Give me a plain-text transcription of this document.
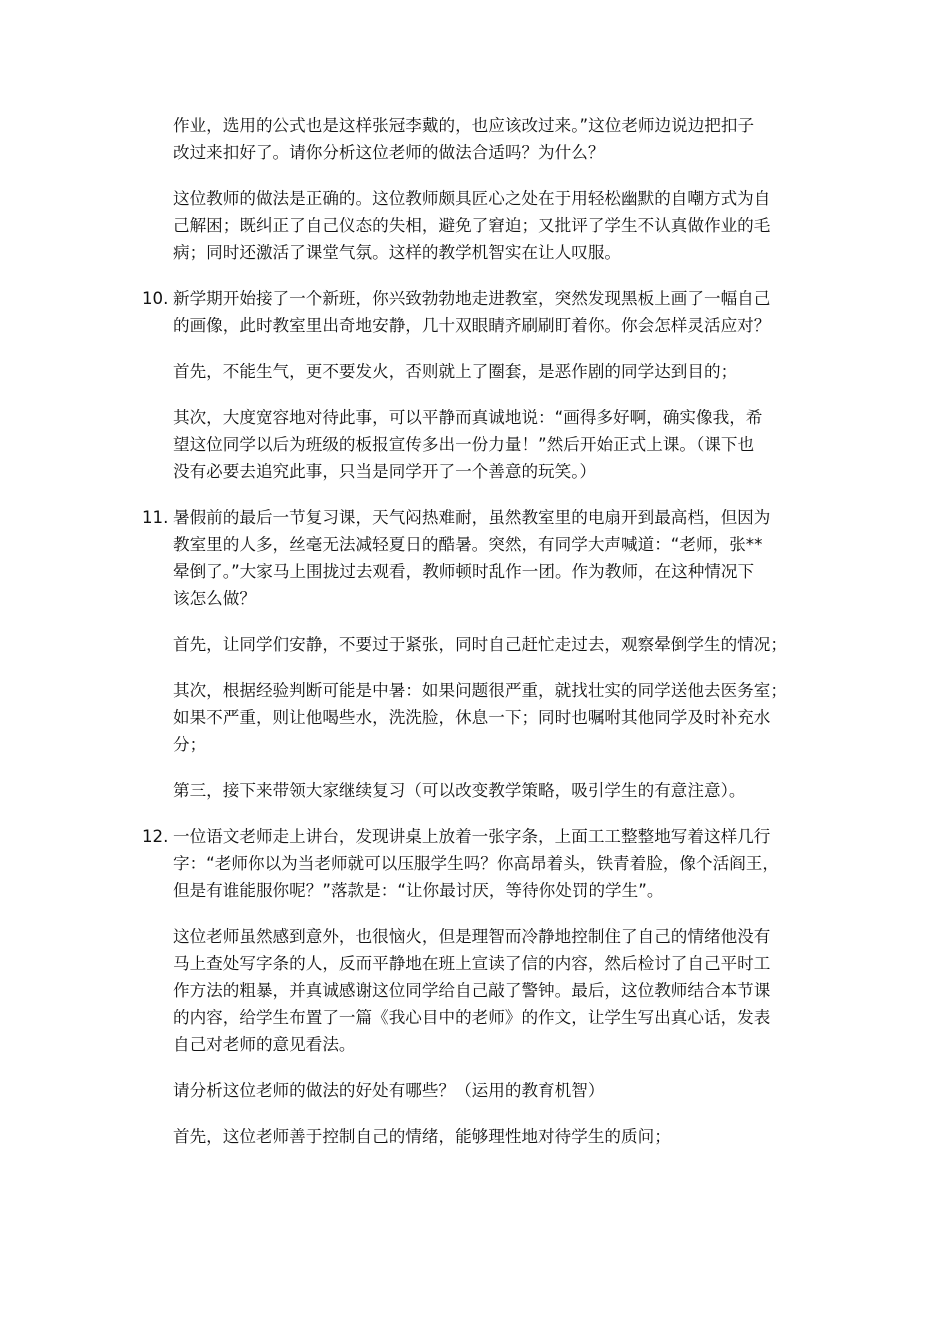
作业，选用的公式也是这样张冠李戴的，也应该改过来。”这位老师边说边把扣子
改过来扣好了。请你分析这位老师的做法合适吗？为什么？

这位教师的做法是正确的。这位教师颇具匠心之处在于用轻松幽默的自嘲方式为自
己解困；既纠正了自己仪态的失相，避免了窘迫；又批评了学生不认真做作业的毛
病；同时还激活了课堂气氛。这样的教学机智实在让人叹服。

10. 新学期开始接了一个新班，你兴致勃勃地走进教室，突然发现黑板上画了一幅自己
的画像，此时教室里出奇地安静，几十双眼睛齐刷刷盯着你。你会怎样灵活应对？

首先，不能生气，更不要发火，否则就上了圈套，是恶作剧的同学达到目的；

其次，大度宽容地对待此事，可以平静而真诚地说：“画得多好啊，确实像我，希
望这位同学以后为班级的板报宣传多出一份力量！”然后开始正式上课。（课下也
没有必要去追究此事，只当是同学开了一个善意的玩笑。）

11. 暑假前的最后一节复习课，天气闷热难耐，虽然教室里的电扇开到最高档，但因为
教室里的人多，丝毫无法减轻夏日的酷暑。突然，有同学大声喊道：“老师，张**
晕倒了。”大家马上围拢过去观看，教师顿时乱作一团。作为教师，在这种情况下
该怎么做？

首先，让同学们安静，不要过于紧张，同时自己赶忙走过去，观察晕倒学生的情况；

其次，根据经验判断可能是中暑：如果问题很严重，就找壮实的同学送他去医务室；
如果不严重，则让他喝些水，洗洗脸，休息一下；同时也嘱咐其他同学及时补充水
分；

第三，接下来带领大家继续复习（可以改变教学策略，吸引学生的有意注意）。

12. 一位语文老师走上讲台，发现讲桌上放着一张字条，上面工工整整地写着这样几行
字：“老师你以为当老师就可以压服学生吗？你高昂着头，铁青着脸，像个活阎王，
但是有谁能服你呢？”落款是：“让你最讨厌，等待你处罚的学生”。

这位老师虽然感到意外，也很恼火，但是理智而冷静地控制住了自己的情绪他没有
马上查处写字条的人，反而平静地在班上宣读了信的内容，然后检讨了自己平时工
作方法的粗暴，并真诚感谢这位同学给自己敲了警钟。最后，这位教师结合本节课
的内容，给学生布置了一篇《我心目中的老师》的作文，让学生写出真心话，发表
自己对老师的意见看法。

请分析这位老师的做法的好处有哪些？（运用的教育机智）

首先，这位老师善于控制自己的情绪，能够理性地对待学生的质问；
